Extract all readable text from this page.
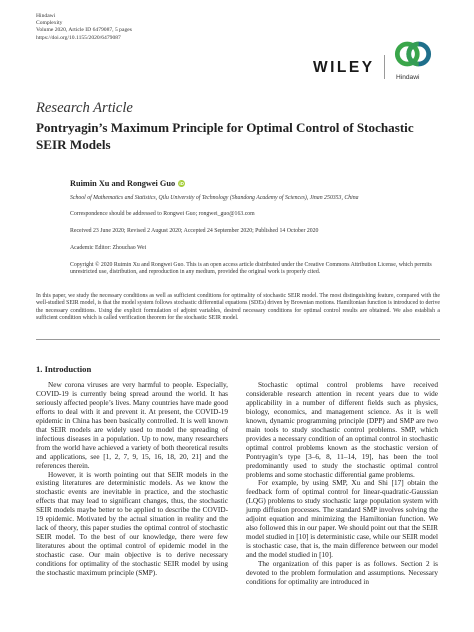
Hindawi
Complexity
Volume 2020, Article ID 6479087, 5 pages
https://doi.org/10.1155/2020/6479087
WILEY
Hindawi
Research Article
Pontryagin’s Maximum Principle for Optimal Control of Stochastic SEIR Models
Ruimin Xu and Rongwei Guo iD
School of Mathematics and Statistics, Qilu University of Technology (Shandong Academy of Sciences), Jinan 250353, China
Correspondence should be addressed to Rongwei Guo; rongwei_guo@163.com
Received 23 June 2020; Revised 2 August 2020; Accepted 24 September 2020; Published 14 October 2020
Academic Editor: Zhouchao Wei
Copyright © 2020 Ruimin Xu and Rongwei Guo. This is an open access article distributed under the Creative Commons Attribution License, which permits unrestricted use, distribution, and reproduction in any medium, provided the original work is properly cited.
In this paper, we study the necessary conditions as well as sufficient conditions for optimality of stochastic SEIR model. The most distinguishing feature, compared with the well-studied SEIR model, is that the model system follows stochastic differential equations (SDEs) driven by Brownian motions. Hamiltonian function is introduced to derive the necessary conditions. Using the explicit formulation of adjoint variables, desired necessary conditions for optimal control results are obtained. We also establish a sufficient condition which is called verification theorem for the stochastic SEIR model.
1. Introduction

New corona viruses are very harmful to people. Especially, COVID-19 is currently being spread around the world. It has seriously affected people’s lives. Many countries have made good efforts to deal with it and prevent it. At present, the COVID-19 epidemic in China has been basically controlled. It is well known that SEIR models are widely used to model the spreading of infectious diseases in a population. Up to now, many researchers from the world have achieved a variety of both theoretical results and applications, see [1, 2, 7, 9, 15, 16, 18, 20, 21] and the references therein.

However, it is worth pointing out that SEIR models in the existing literatures are deterministic models. As we know the stochastic events are inevitable in practice, and the stochastic effects that may lead to significant changes, thus, the stochastic SEIR models maybe better to be applied to describe the COVID-19 epidemic. Motivated by the actual situation in reality and the lack of theory, this paper studies the optimal control of stochastic SEIR model. To the best of our knowledge, there were few literatures about the optimal control of epidemic model in the stochastic case. Our main objective is to derive necessary conditions for optimality of the stochastic SEIR model by using the stochastic maximum principle (SMP).

Stochastic optimal control problems have received considerable research attention in recent years due to wide applicability in a number of different fields such as physics, biology, economics, and management science. As it is well known, dynamic programming principle (DPP) and SMP are two main tools to study stochastic control problems. SMP, which provides a necessary condition of an optimal control in stochastic optimal control problems known as the stochastic version of Pontryagin’s type [3–6, 8, 11–14, 19], has been the tool predominantly used to study the stochastic optimal control problems and some stochastic differential game problems.

For example, by using SMP, Xu and Shi [17] obtain the feedback form of optimal control for linear-quadratic-Gaussian (LQG) problems to study stochastic large population system with jump diffusion processes. The standard SMP involves solving the adjoint equation and minimizing the Hamiltonian function. We also followed this in our paper. We should point out that the SEIR model studied in [10] is deterministic case, while our SEIR model is stochastic case, that is, the main difference between our model and the model studied in [10].

The organization of this paper is as follows. Section 2 is devoted to the problem formulation and assumptions. Necessary conditions for optimality are introduced in
